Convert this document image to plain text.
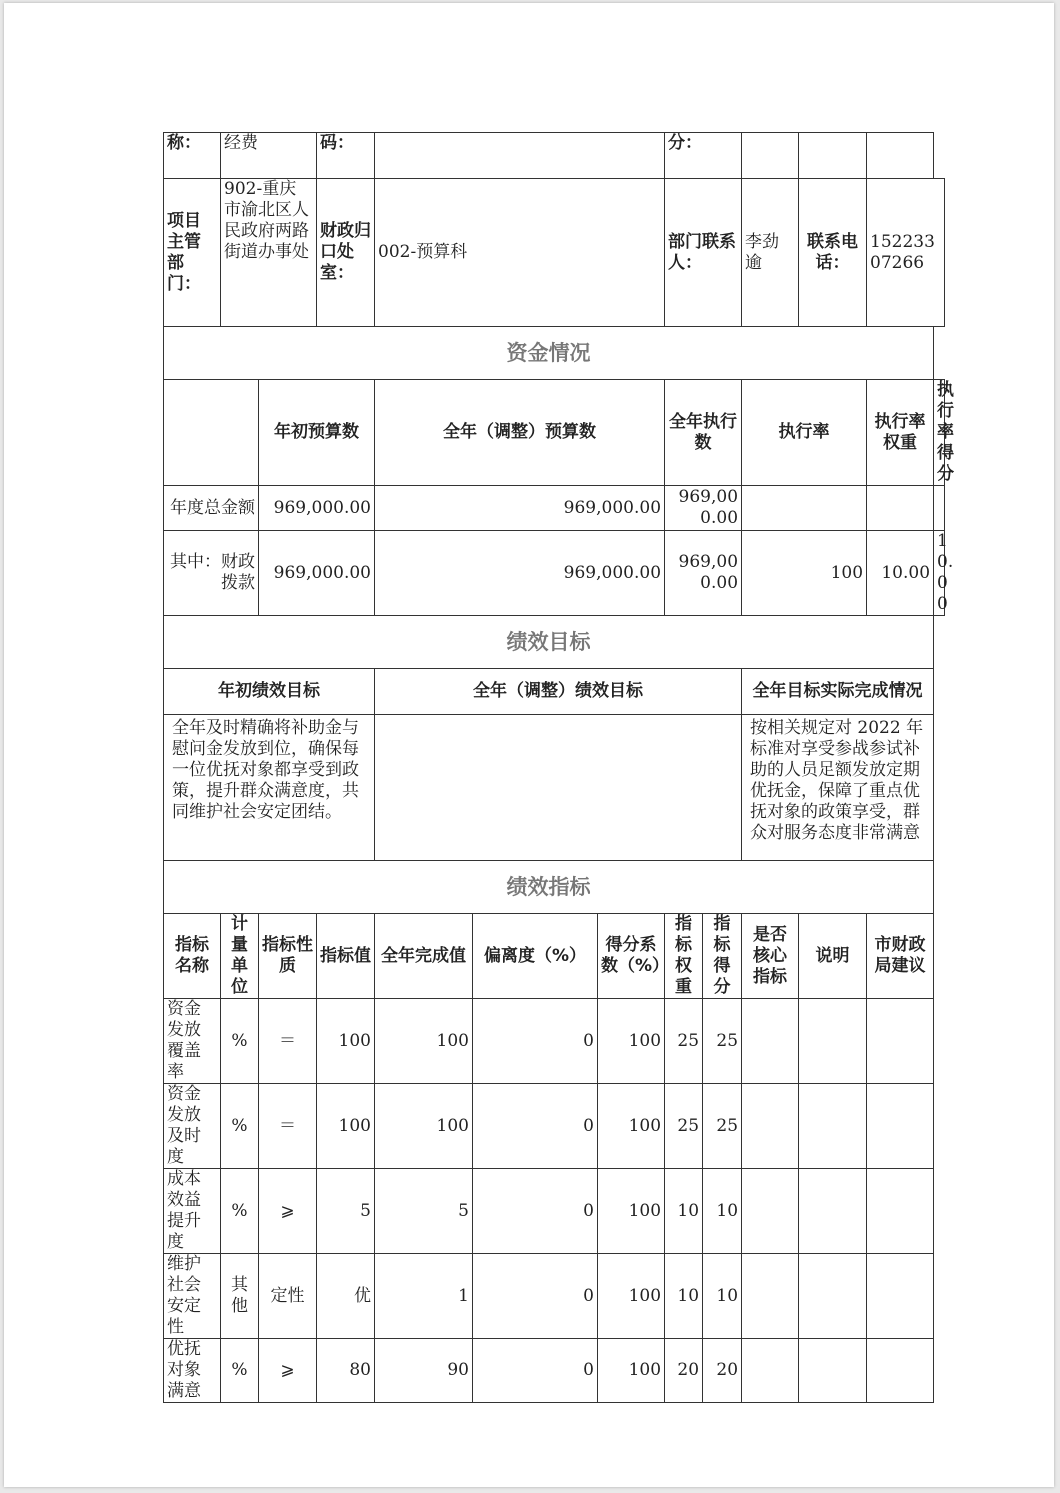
称：	经费		码：				分：					
项目主管部门：	902-重庆市渝北区人民政府两路街道办事处		财政归口处室：	002-预算科			部门联系人：		李劲逾	联系电话：	15223307266	
资金情况												
		年初预算数		全年（调整）预算数			全年执行数		执行率		执行率权重	执行率得分
年度总金额		969,000.00		969,000.00			969,000.00					
其中：财政拨款		969,000.00		969,000.00			969,000.00		100		10.00	10.00
绩效目标												
年初绩效目标				全年（调整）绩效目标					全年目标实际完成情况			
全年及时精确将补助金与慰问金发放到位，确保每一位优抚对象都享受到政策，提升群众满意度，共同维护社会安定团结。									按相关规定对 2022 年标准对享受参战参试补助的人员足额发放定期优抚金，保障了重点优抚对象的政策享受，群众对服务态度非常满意			
绩效指标												
指标名称	计量单位	指标性质	指标值	全年完成值	偏离度（%）	得分系数（%）	指标权重	指标得分	是否核心指标	说明	市财政局建议	
资金发放覆盖率	%	＝	100	100	0	100	25	25				
资金发放及时度	%	＝	100	100	0	100	25	25				
成本效益提升度	%	⩾	5	5	0	100	10	10				
维护社会安定性	其他	定性	优	1	0	100	10	10				
优抚对象满意	%	⩾	80	90	0	100	20	20				
